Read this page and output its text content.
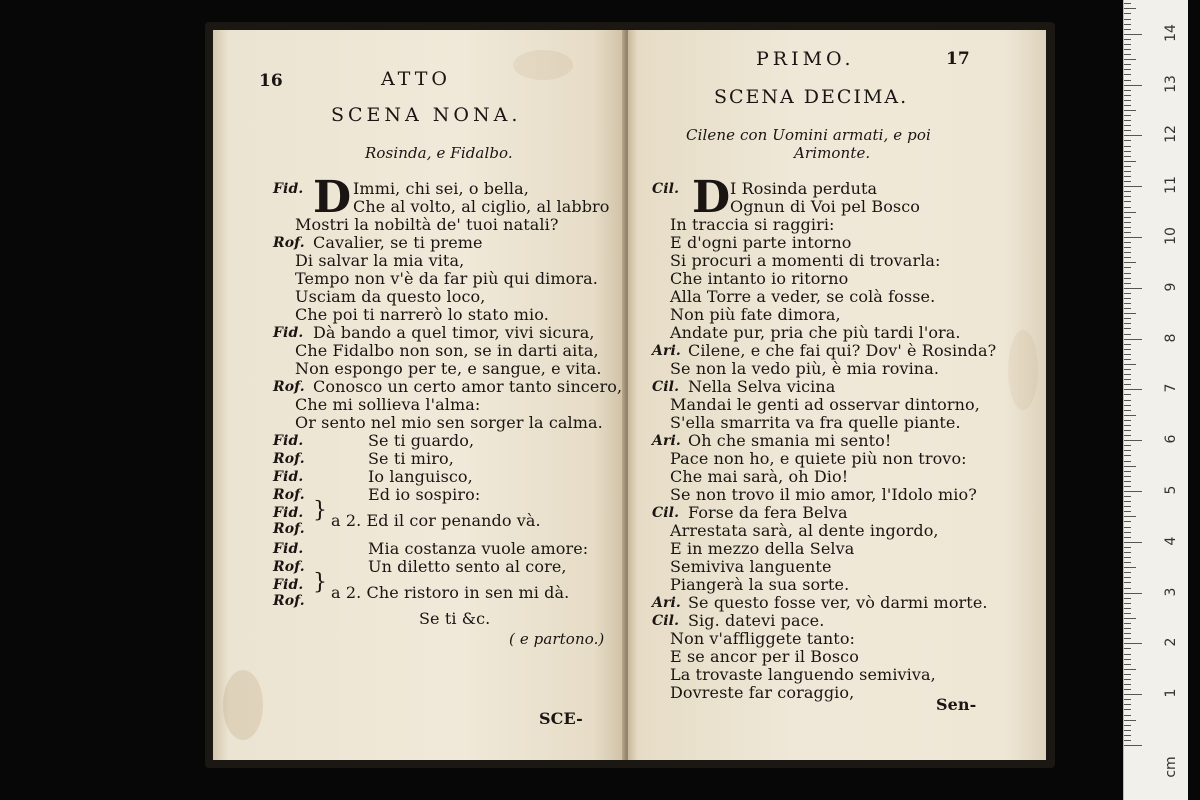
16	ATTO
SCENA NONA.
Rosinda, e Fidalbo.
D
Fid.
Rof.
Fid.
Rof.
Fid.
Rof.
Fid.
Rof.
Fid.
Rof.
Fid.
Rof.
Fid.
Rof.
Immi, chi sei, o bella,
Che al volto, al ciglio, al labbro
Mostri la nobiltà de' tuoi natali?
Cavalier, se ti preme
Di salvar la mia vita,
Tempo non v'è da far più qui dimora.
Usciam da questo loco,
Che poi ti narrerò lo stato mio.
Dà bando a quel timor, vivi sicura,
Che Fidalbo non son, se in darti aita,
Non espongo per te, e sangue, e vita.
Conosco un certo amor tanto sincero,
Che mi sollieva l'alma:
Or sento nel mio sen sorger la calma.
Se ti guardo,
Se ti miro,
Io languisco,
Ed io sospiro:
} a 2. Ed il cor penando và.
Mia costanza vuole amore:
Un diletto sento al core,
} a 2. Che ristoro in sen mi dà.
Se ti &c.
( e partono.)
SCE-
PRIMO.	17
SCENA DECIMA.
Cilene con Uomini armati, e poi
Arimonte.
D
Cil.
Ari.
Cil.
Ari.
Cil.
Ari.
Cil.
I Rosinda perduta
Ognun di Voi pel Bosco
In traccia si raggiri:
E d'ogni parte intorno
Si procuri a momenti di trovarla:
Che intanto io ritorno
Alla Torre a veder, se colà fosse.
Non più fate dimora,
Andate pur, pria che più tardi l'ora.
Cilene, e che fai qui? Dov' è Rosinda?
Se non la vedo più, è mia rovina.
Nella Selva vicina
Mandai le genti ad osservar dintorno,
S'ella smarrita va fra quelle piante.
Oh che smania mi sento!
Pace non ho, e quiete più non trovo:
Che mai sarà, oh Dio!
Se non trovo il mio amor, l'Idolo mio?
Forse da fera Belva
Arrestata sarà, al dente ingordo,
E in mezzo della Selva
Semiviva languente
Piangerà la sua sorte.
Se questo fosse ver, vò darmi morte.
Sig. datevi pace.
Non v'affliggete tanto:
E se ancor per il Bosco
La trovaste languendo semiviva,
Dovreste far coraggio,
Sen-
14
13
12
11
10
9
8
7
6
5
4
3
2
1
cm
